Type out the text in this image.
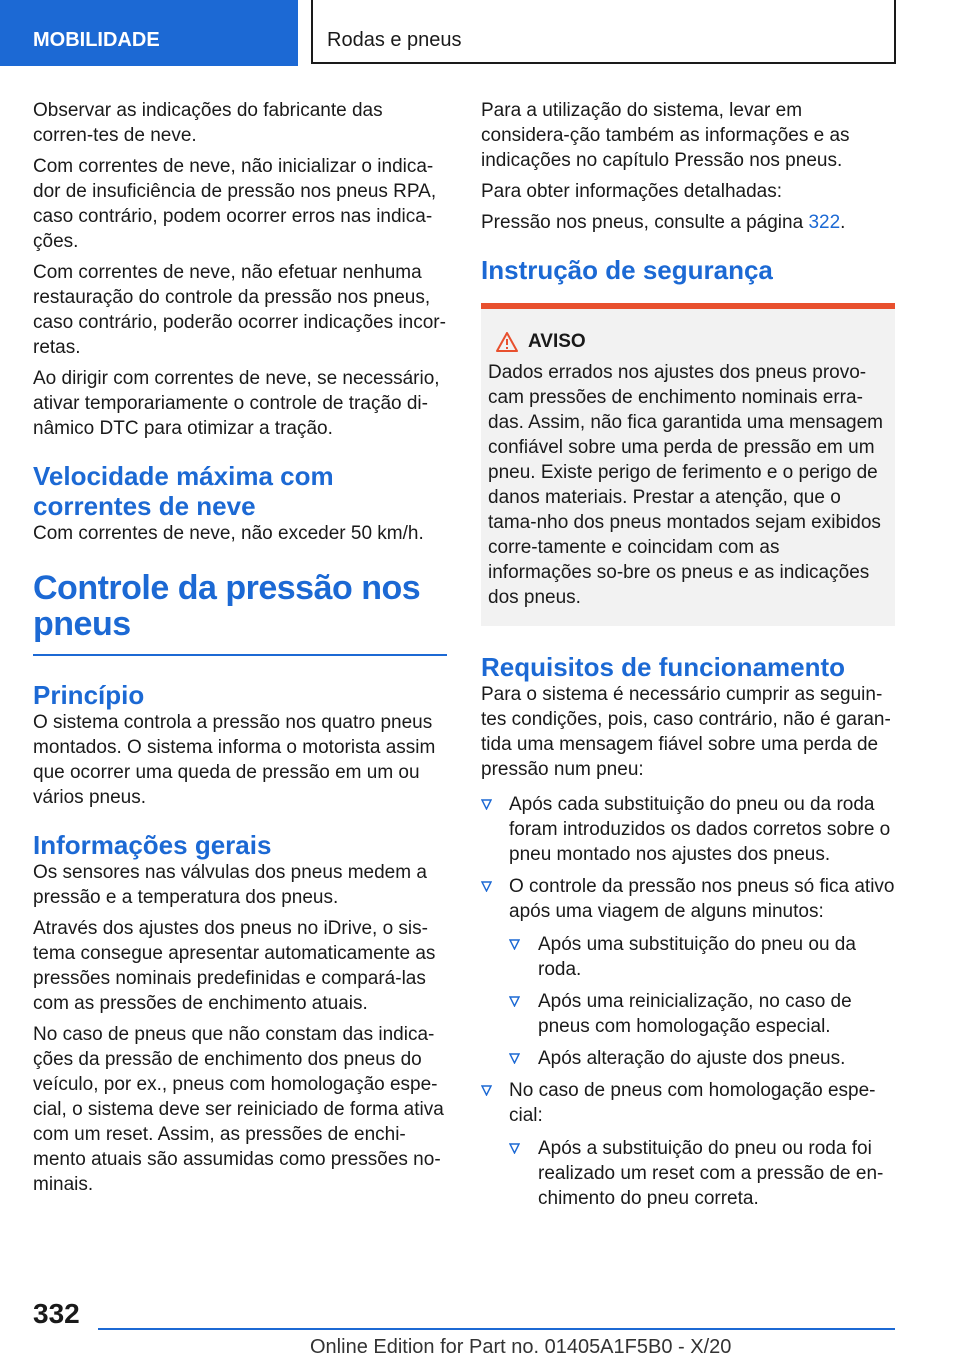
MOBILIDADE	Rodas e pneus

Observar as indicações do fabricante das corren-tes de neve.

Com correntes de neve, não inicializar o indica-dor de insuficiência de pressão nos pneus RPA, caso contrário, podem ocorrer erros nas indica-ções.

Com correntes de neve, não efetuar nenhuma restauração do controle da pressão nos pneus, caso contrário, poderão ocorrer indicações incor-retas.

Ao dirigir com correntes de neve, se necessário, ativar temporariamente o controle de tração di-nâmico DTC para otimizar a tração.

Velocidade máxima com correntes de neve

Com correntes de neve, não exceder 50 km/h.

Controle da pressão nos pneus
Princípio

O sistema controla a pressão nos quatro pneus montados. O sistema informa o motorista assim que ocorrer uma queda de pressão em um ou vários pneus.

Informações gerais

Os sensores nas válvulas dos pneus medem a pressão e a temperatura dos pneus.

Através dos ajustes dos pneus no iDrive, o sis-tema consegue apresentar automaticamente as pressões nominais predefinidas e compará-las com as pressões de enchimento atuais.

No caso de pneus que não constam das indica-ções da pressão de enchimento dos pneus do veículo, por ex., pneus com homologação espe-cial, o sistema deve ser reiniciado de forma ativa com um reset. Assim, as pressões de enchi-mento atuais são assumidas como pressões no-minais.

Para a utilização do sistema, levar em considera-ção também as informações e as indicações no capítulo Pressão nos pneus.

Para obter informações detalhadas:

Pressão nos pneus, consulte a página 322.

Instrução de segurança
AVISO

Dados errados nos ajustes dos pneus provo-cam pressões de enchimento nominais erra-das. Assim, não fica garantida uma mensagem confiável sobre uma perda de pressão em um pneu. Existe perigo de ferimento e o perigo de danos materiais. Prestar a atenção, que o tama-nho dos pneus montados sejam exibidos corre-tamente e coincidam com as informações so-bre os pneus e as indicações dos pneus.

Requisitos de funcionamento

Para o sistema é necessário cumprir as seguin-tes condições, pois, caso contrário, não é garan-tida uma mensagem fiável sobre uma perda de pressão num pneu:

Após cada substituição do pneu ou da roda foram introduzidos os dados corretos sobre o pneu montado nos ajustes dos pneus.
O controle da pressão nos pneus só fica ativo após uma viagem de alguns minutos:
Após uma substituição do pneu ou da roda.
Após uma reinicialização, no caso de pneus com homologação especial.
Após alteração do ajuste dos pneus.
No caso de pneus com homologação espe-cial:
Após a substituição do pneu ou roda foi realizado um reset com a pressão de en-chimento do pneu correta.
332
Online Edition for Part no. 01405A1F5B0 - X/20
